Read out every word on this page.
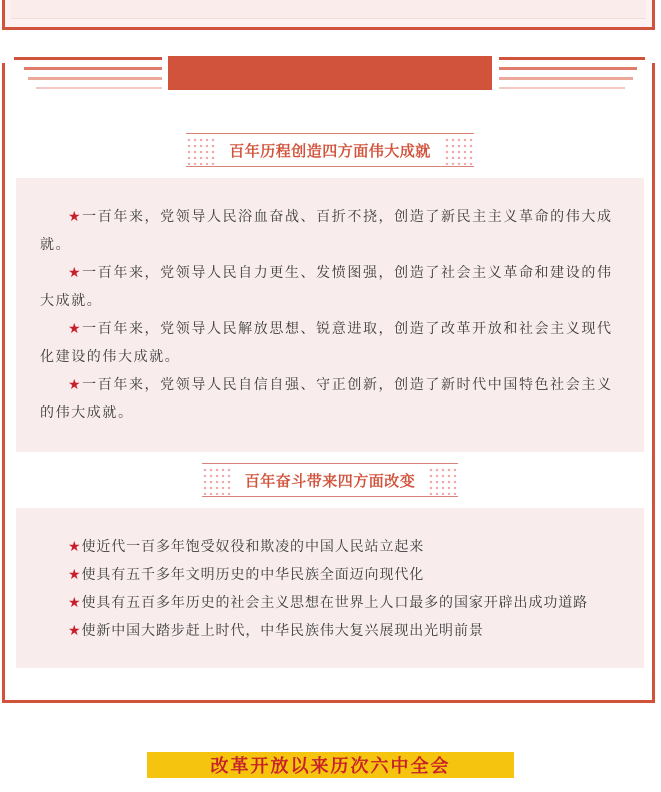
百年历程创造四方面伟大成就

★一百年来，党领导人民浴血奋战、百折不挠，创造了新民主主义革命的伟大成就。

★一百年来，党领导人民自力更生、发愤图强，创造了社会主义革命和建设的伟大成就。

★一百年来，党领导人民解放思想、锐意进取，创造了改革开放和社会主义现代化建设的伟大成就。

★一百年来，党领导人民自信自强、守正创新，创造了新时代中国特色社会主义的伟大成就。

百年奋斗带来四方面改变

★使近代一百多年饱受奴役和欺凌的中国人民站立起来

★使具有五千多年文明历史的中华民族全面迈向现代化

★使具有五百多年历史的社会主义思想在世界上人口最多的国家开辟出成功道路

★使新中国大踏步赶上时代，中华民族伟大复兴展现出光明前景

改革开放以来历次六中全会
